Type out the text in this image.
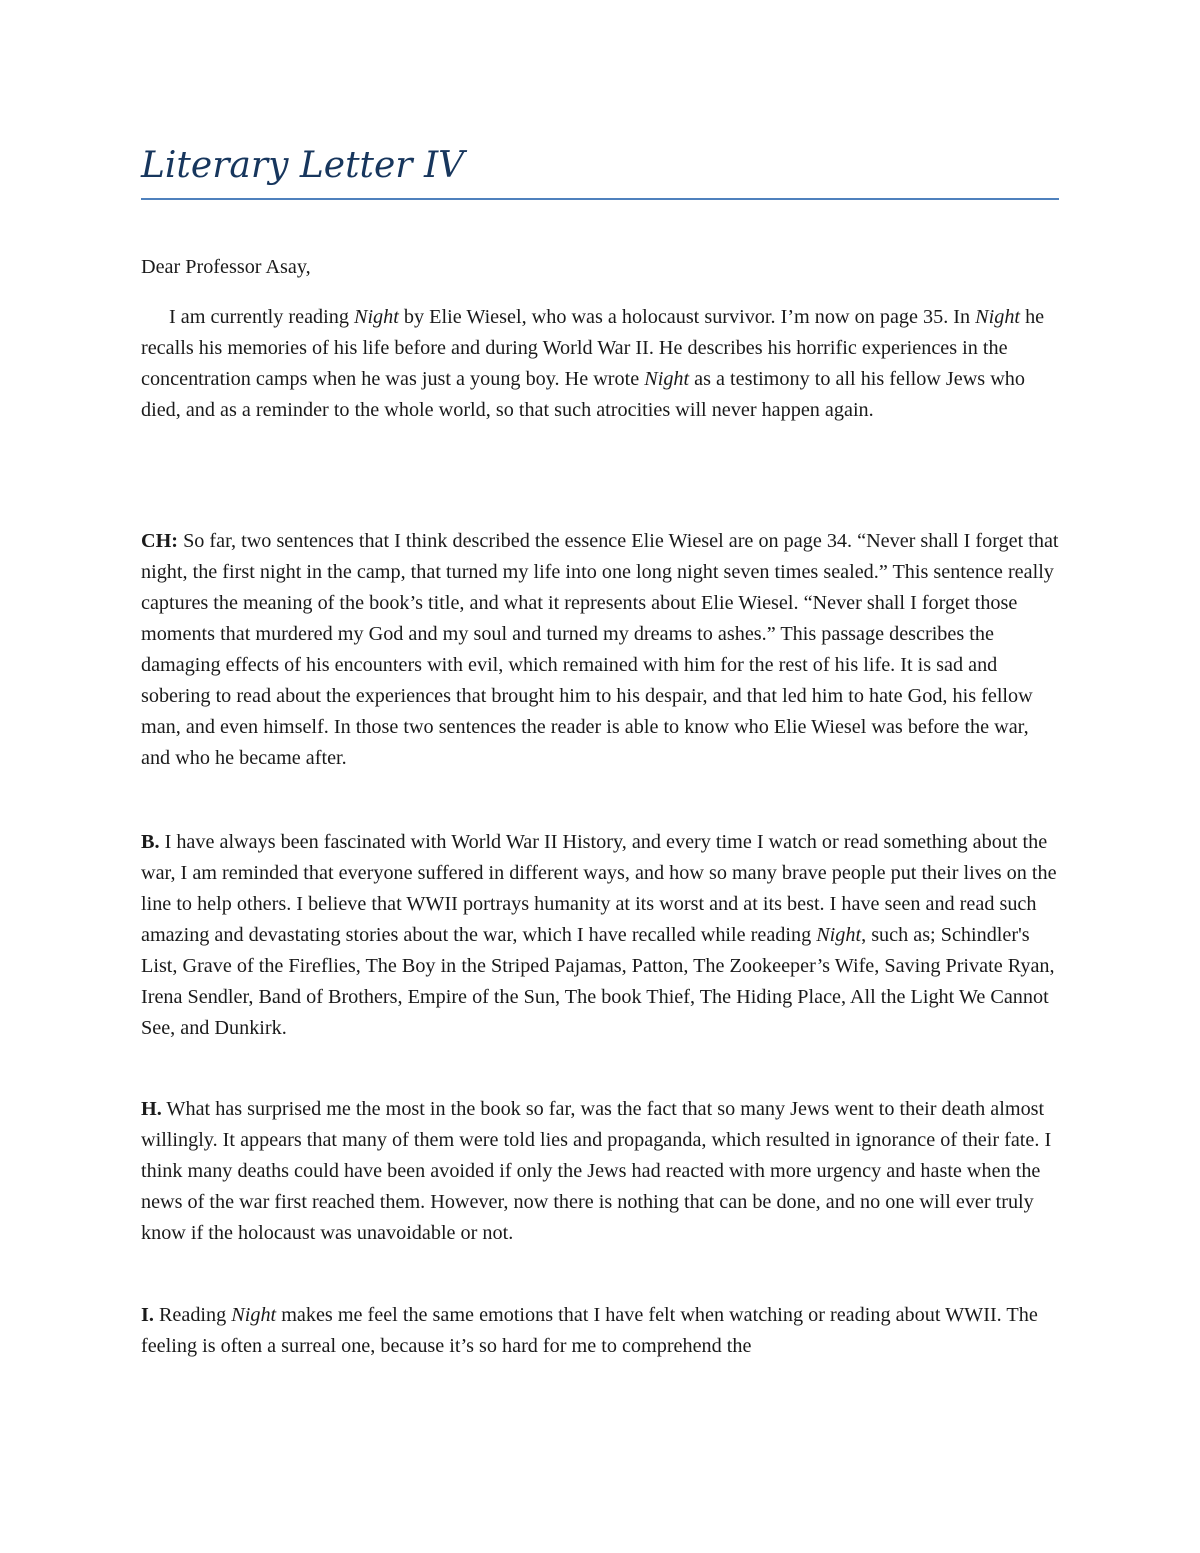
Literary Letter IV

Dear Professor Asay,

I am currently reading Night by Elie Wiesel, who was a holocaust survivor. I’m now on page 35. In Night he recalls his memories of his life before and during World War II. He describes his horrific experiences in the concentration camps when he was just a young boy. He wrote Night as a testimony to all his fellow Jews who died, and as a reminder to the whole world, so that such atrocities will never happen again.

CH: So far, two sentences that I think described the essence Elie Wiesel are on page 34. “Never shall I forget that night, the first night in the camp, that turned my life into one long night seven times sealed.” This sentence really captures the meaning of the book’s title, and what it represents about Elie Wiesel. “Never shall I forget those moments that murdered my God and my soul and turned my dreams to ashes.” This passage describes the damaging effects of his encounters with evil, which remained with him for the rest of his life. It is sad and sobering to read about the experiences that brought him to his despair, and that led him to hate God, his fellow man, and even himself. In those two sentences the reader is able to know who Elie Wiesel was before the war, and who he became after.

B. I have always been fascinated with World War II History, and every time I watch or read something about the war, I am reminded that everyone suffered in different ways, and how so many brave people put their lives on the line to help others. I believe that WWII portrays humanity at its worst and at its best. I have seen and read such amazing and devastating stories about the war, which I have recalled while reading Night, such as; Schindler's List, Grave of the Fireflies, The Boy in the Striped Pajamas, Patton, The Zookeeper’s Wife, Saving Private Ryan, Irena Sendler, Band of Brothers, Empire of the Sun, The book Thief, The Hiding Place, All the Light We Cannot See, and Dunkirk.

H. What has surprised me the most in the book so far, was the fact that so many Jews went to their death almost willingly. It appears that many of them were told lies and propaganda, which resulted in ignorance of their fate. I think many deaths could have been avoided if only the Jews had reacted with more urgency and haste when the news of the war first reached them. However, now there is nothing that can be done, and no one will ever truly know if the holocaust was unavoidable or not.

I. Reading Night makes me feel the same emotions that I have felt when watching or reading about WWII. The feeling is often a surreal one, because it’s so hard for me to comprehend the
